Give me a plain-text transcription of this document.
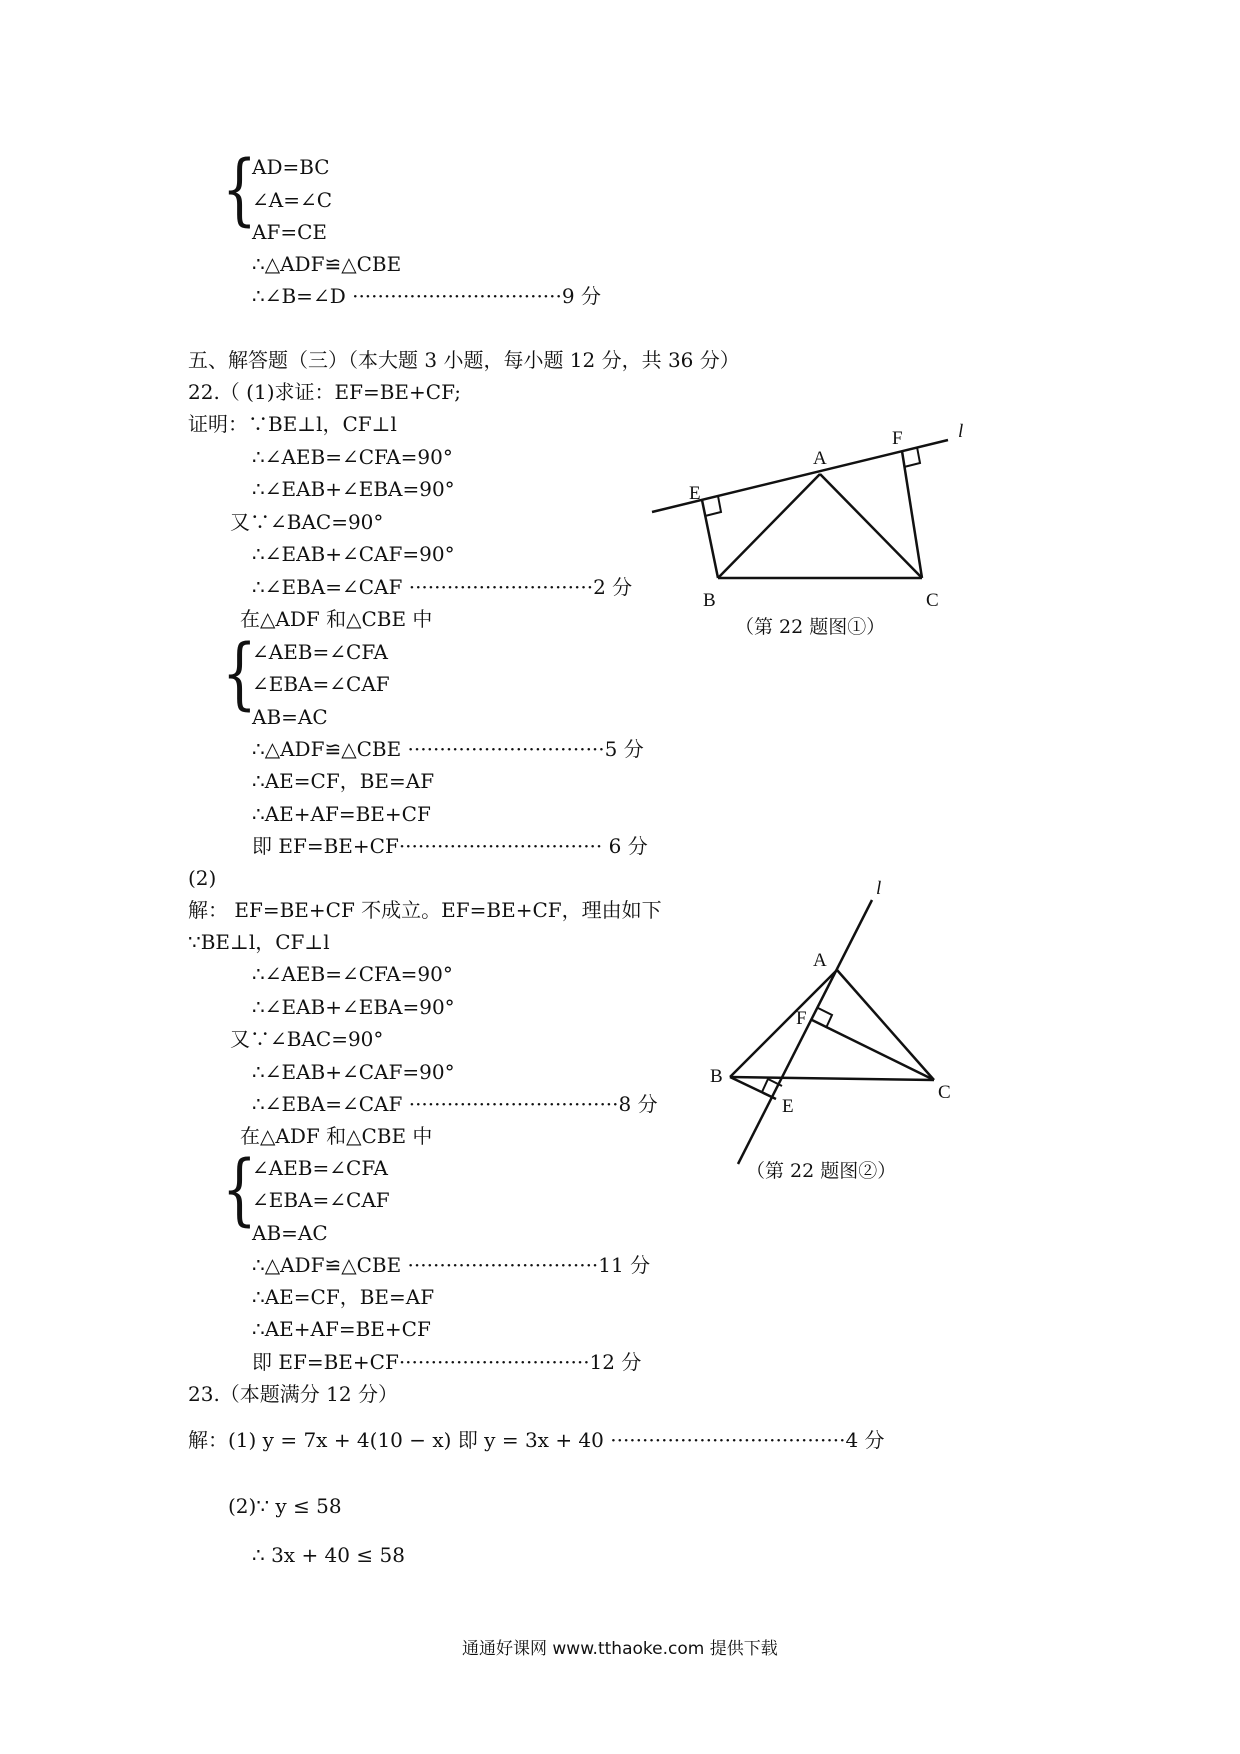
{
AD=BC
∠A=∠C
AF=CE
∴△ADF≌△CBE
∴∠B=∠D ·································9 分
五、解答题（三）（本大题 3 小题，每小题 12 分，共 36 分）
22.（ (1)求证：EF=BE+CF;
证明：∵BE⊥l，CF⊥l
∴∠AEB=∠CFA=90°
∴∠EAB+∠EBA=90°
又∵∠BAC=90°
∴∠EAB+∠CAF=90°
∴∠EBA=∠CAF ·····························2 分
在△ADF 和△CBE 中
{
∠AEB=∠CFA
∠EBA=∠CAF
AB=AC
∴△ADF≌△CBE ·······························5 分
∴AE=CF，BE=AF
∴AE+AF=BE+CF
即 EF=BE+CF································ 6 分
(2)
解： EF=BE+CF 不成立。EF=BE+CF，理由如下
∵BE⊥l，CF⊥l
∴∠AEB=∠CFA=90°
∴∠EAB+∠EBA=90°
又∵∠BAC=90°
∴∠EAB+∠CAF=90°
∴∠EBA=∠CAF ·································8 分
在△ADF 和△CBE 中
{
∠AEB=∠CFA
∠EBA=∠CAF
AB=AC
∴△ADF≌△CBE ······························11 分
∴AE=CF，BE=AF
∴AE+AF=BE+CF
即 EF=BE+CF······························12 分
23.（本题满分 12 分）
解：(1) y = 7x + 4(10 − x) 即 y = 3x + 40 ·····································4 分
(2)∵ y ≤ 58
∴ 3x + 40 ≤ 58
A
F
E
B	C
l
（第 22 题图①）
A
F
B
C
E
l
（第 22 题图②）
通通好课网 www.tthaoke.com 提供下载
